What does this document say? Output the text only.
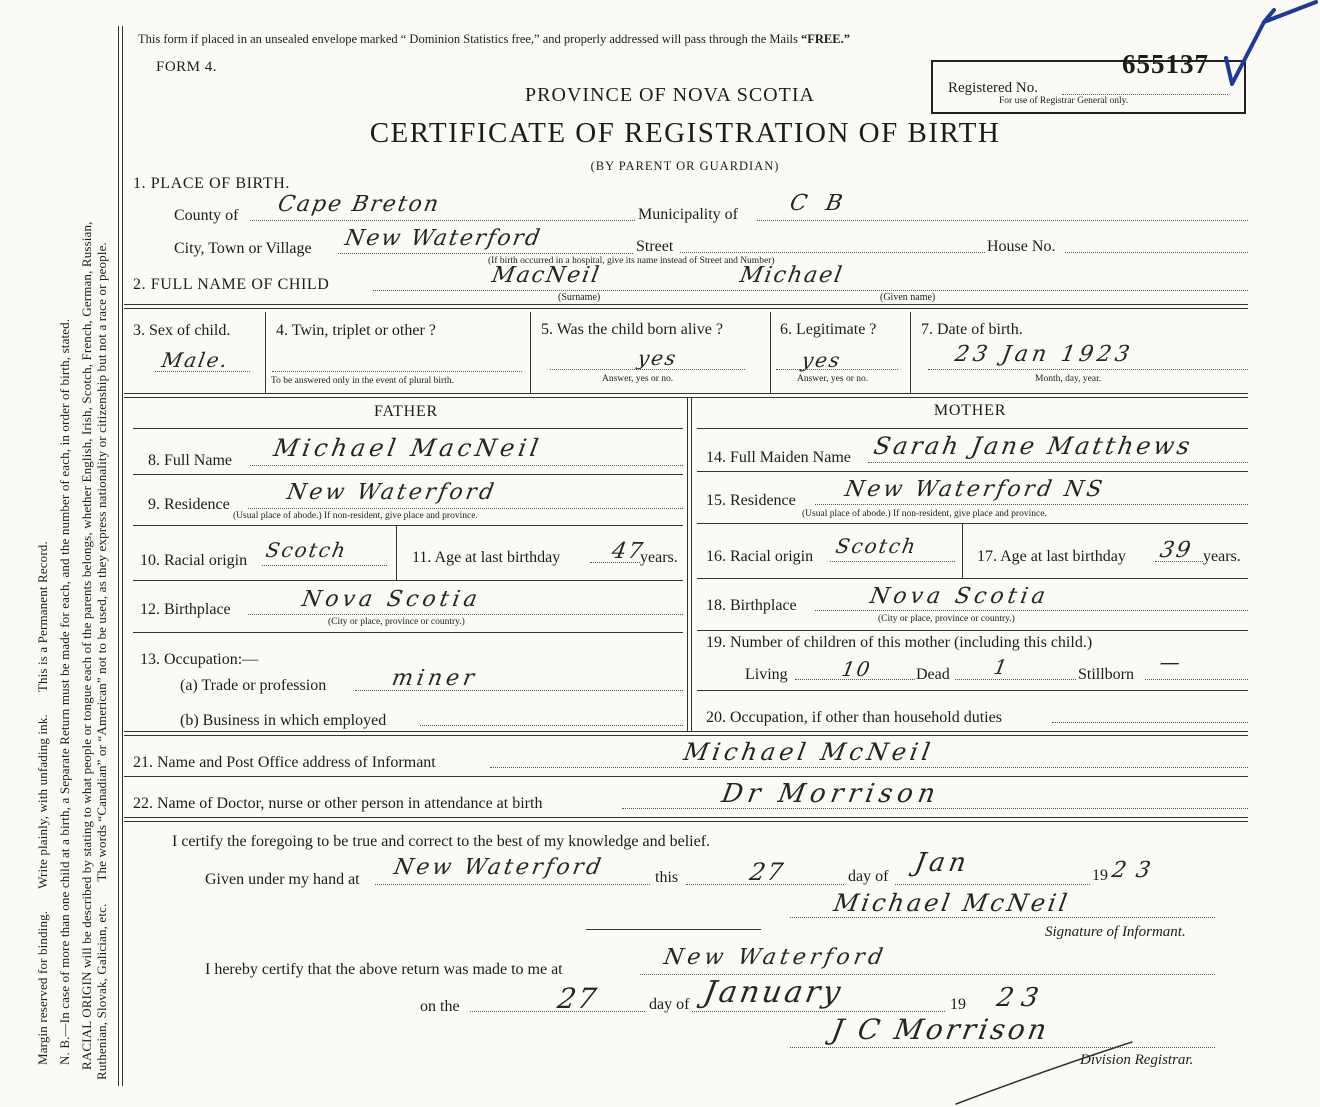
Margin reserved for binding.Write plainly, with unfading ink.This is a Permanent Record. N. B.—In case of more than one child at a birth, a Separate Return must be made for each, and the number of each, in order of birth, stated. RACIAL ORIGIN will be described by stating to what people or tongue each of the parents belongs, whether English, Irish, Scotch, French, German, Russian, Ruthenian, Slovak, Galician, etc.The words “Canadian” or “American” not to be used, as they express nationality or citizenship but not a race or people.
This form if placed in an unsealed envelope marked “ Dominion Statistics free,” and properly addressed will pass through the Mails “FREE.”
FORM 4.
Registered No.
655137
For use of Registrar General only.
PROVINCE OF NOVA SCOTIA
CERTIFICATE OF REGISTRATION OF BIRTH
(BY PARENT OR GUARDIAN)
1. PLACE OF BIRTH.
County of Cape Breton	Municipality of C B
City, Town or Village New Waterford	Street	House No.
(If birth occurred in a hospital, give its name instead of Street and Number)
2. FULL NAME OF CHILD	MacNeil	Michael
(Surname)	(Given name)
3. Sex of child.
Male.
4. Twin, triplet or other ?
To be answered only in the event of plural birth.
5. Was the child born alive ?
yes
Answer, yes or no.
6. Legitimate ?
yes
Answer, yes or no.
7. Date of birth.
23 Jan 1923
Month, day, year.
FATHER	MOTHER
8. Full Name Michael MacNeil
9. Residence	New Waterford
(Usual place of abode.) If non-resident, give place and province.
10. Racial origin Scotch	11. Age at last birthday 47
years.
12. Birthplace	Nova Scotia
(City or place, province or country.)
13. Occupation:—
(a) Trade or profession	miner
(b) Business in which employed
14. Full Maiden Name Sarah Jane Matthews
15. Residence New Waterford NS
(Usual place of abode.) If non-resident, give place and province.
16. Racial origin Scotch	17. Age at last birthday 39 years.
18. Birthplace	Nova Scotia
(City or place, province or country.)
19. Number of children of this mother (including this child.)
Living	10	Dead 1	Stillborn
—
20. Occupation, if other than household duties
21. Name and Post Office address of Informant	Michael McNeil
22. Name of Doctor, nurse or other person in attendance at birth	Dr Morrison
I certify the foregoing to be true and correct to the best of my knowledge and belief.
Given under my hand at New Waterford	this	27	day of Jan	19 23
Michael McNeil
Signature of Informant.
I hereby certify that the above return was made to me at	New Waterford
on the	27	day of January	19 23
J C Morrison
Division Registrar.
